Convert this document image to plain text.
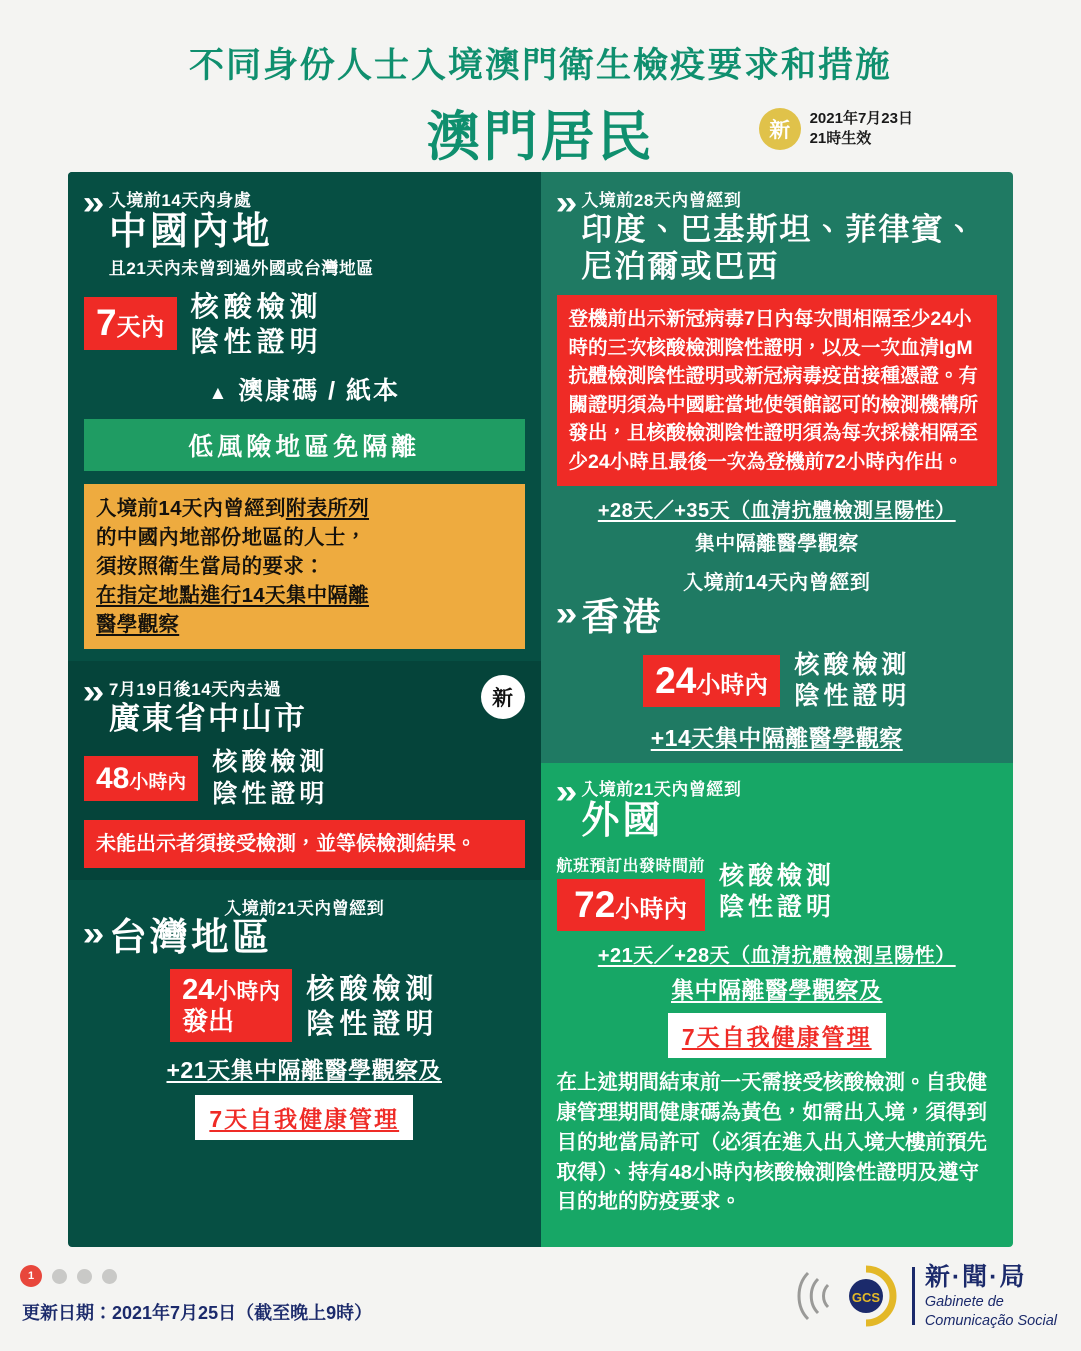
不同身份人士入境澳門衛生檢疫要求和措施
澳門居民	新
2021年7月23日
21時生效
» 入境前14天內身處
中國內地
且21天內未曾到過外國或台灣地區
7 天內
核酸檢測
陰性證明
▲ 澳康碼 / 紙本
低風險地區免隔離
入境前14天內曾經到附表所列
的中國內地部份地區的人士，
須按照衛生當局的要求：
在指定地點進行14天集中隔離
醫學觀察
» 7月19日後14天內去過
廣東省中山市
新
48 小時內
核酸檢測
陰性證明
未能出示者須接受檢測，並等候檢測結果。
入境前21天內曾經到
» 台灣地區
24小時內
發出
核酸檢測
陰性證明
+21天集中隔離醫學觀察及
7天自我健康管理
» 入境前28天內曾經到
印度、巴基斯坦、菲律賓、
尼泊爾或巴西
登機前出示新冠病毒7日內每次間相隔至少24小時的三次核酸檢測陰性證明，以及一次血清IgM抗體檢測陰性證明或新冠病毒疫苗接種憑證。有關證明須為中國駐當地使領館認可的檢測機構所發出，且核酸檢測陰性證明須為每次採樣相隔至少24小時且最後一次為登機前72小時內作出。
+28天／+35天（血清抗體檢測呈陽性）
集中隔離醫學觀察
入境前14天內曾經到
» 香港
24 小時內
核酸檢測
陰性證明
+14天集中隔離醫學觀察
» 入境前21天內曾經到
外國
航班預訂出發時間前
72 小時內
核酸檢測
陰性證明
+21天／+28天（血清抗體檢測呈陽性）
集中隔離醫學觀察及
7天自我健康管理
在上述期間結束前一天需接受核酸檢測。自我健康管理期間健康碼為黃色，如需出入境，須得到目的地當局許可（必須在進入出入境大樓前預先取得）、持有48小時內核酸檢測陰性證明及遵守目的地的防疫要求。
1
更新日期：2021年7月25日（截至晚上9時）
GCS
新·聞·局
Gabinete de
Comunicação Social
